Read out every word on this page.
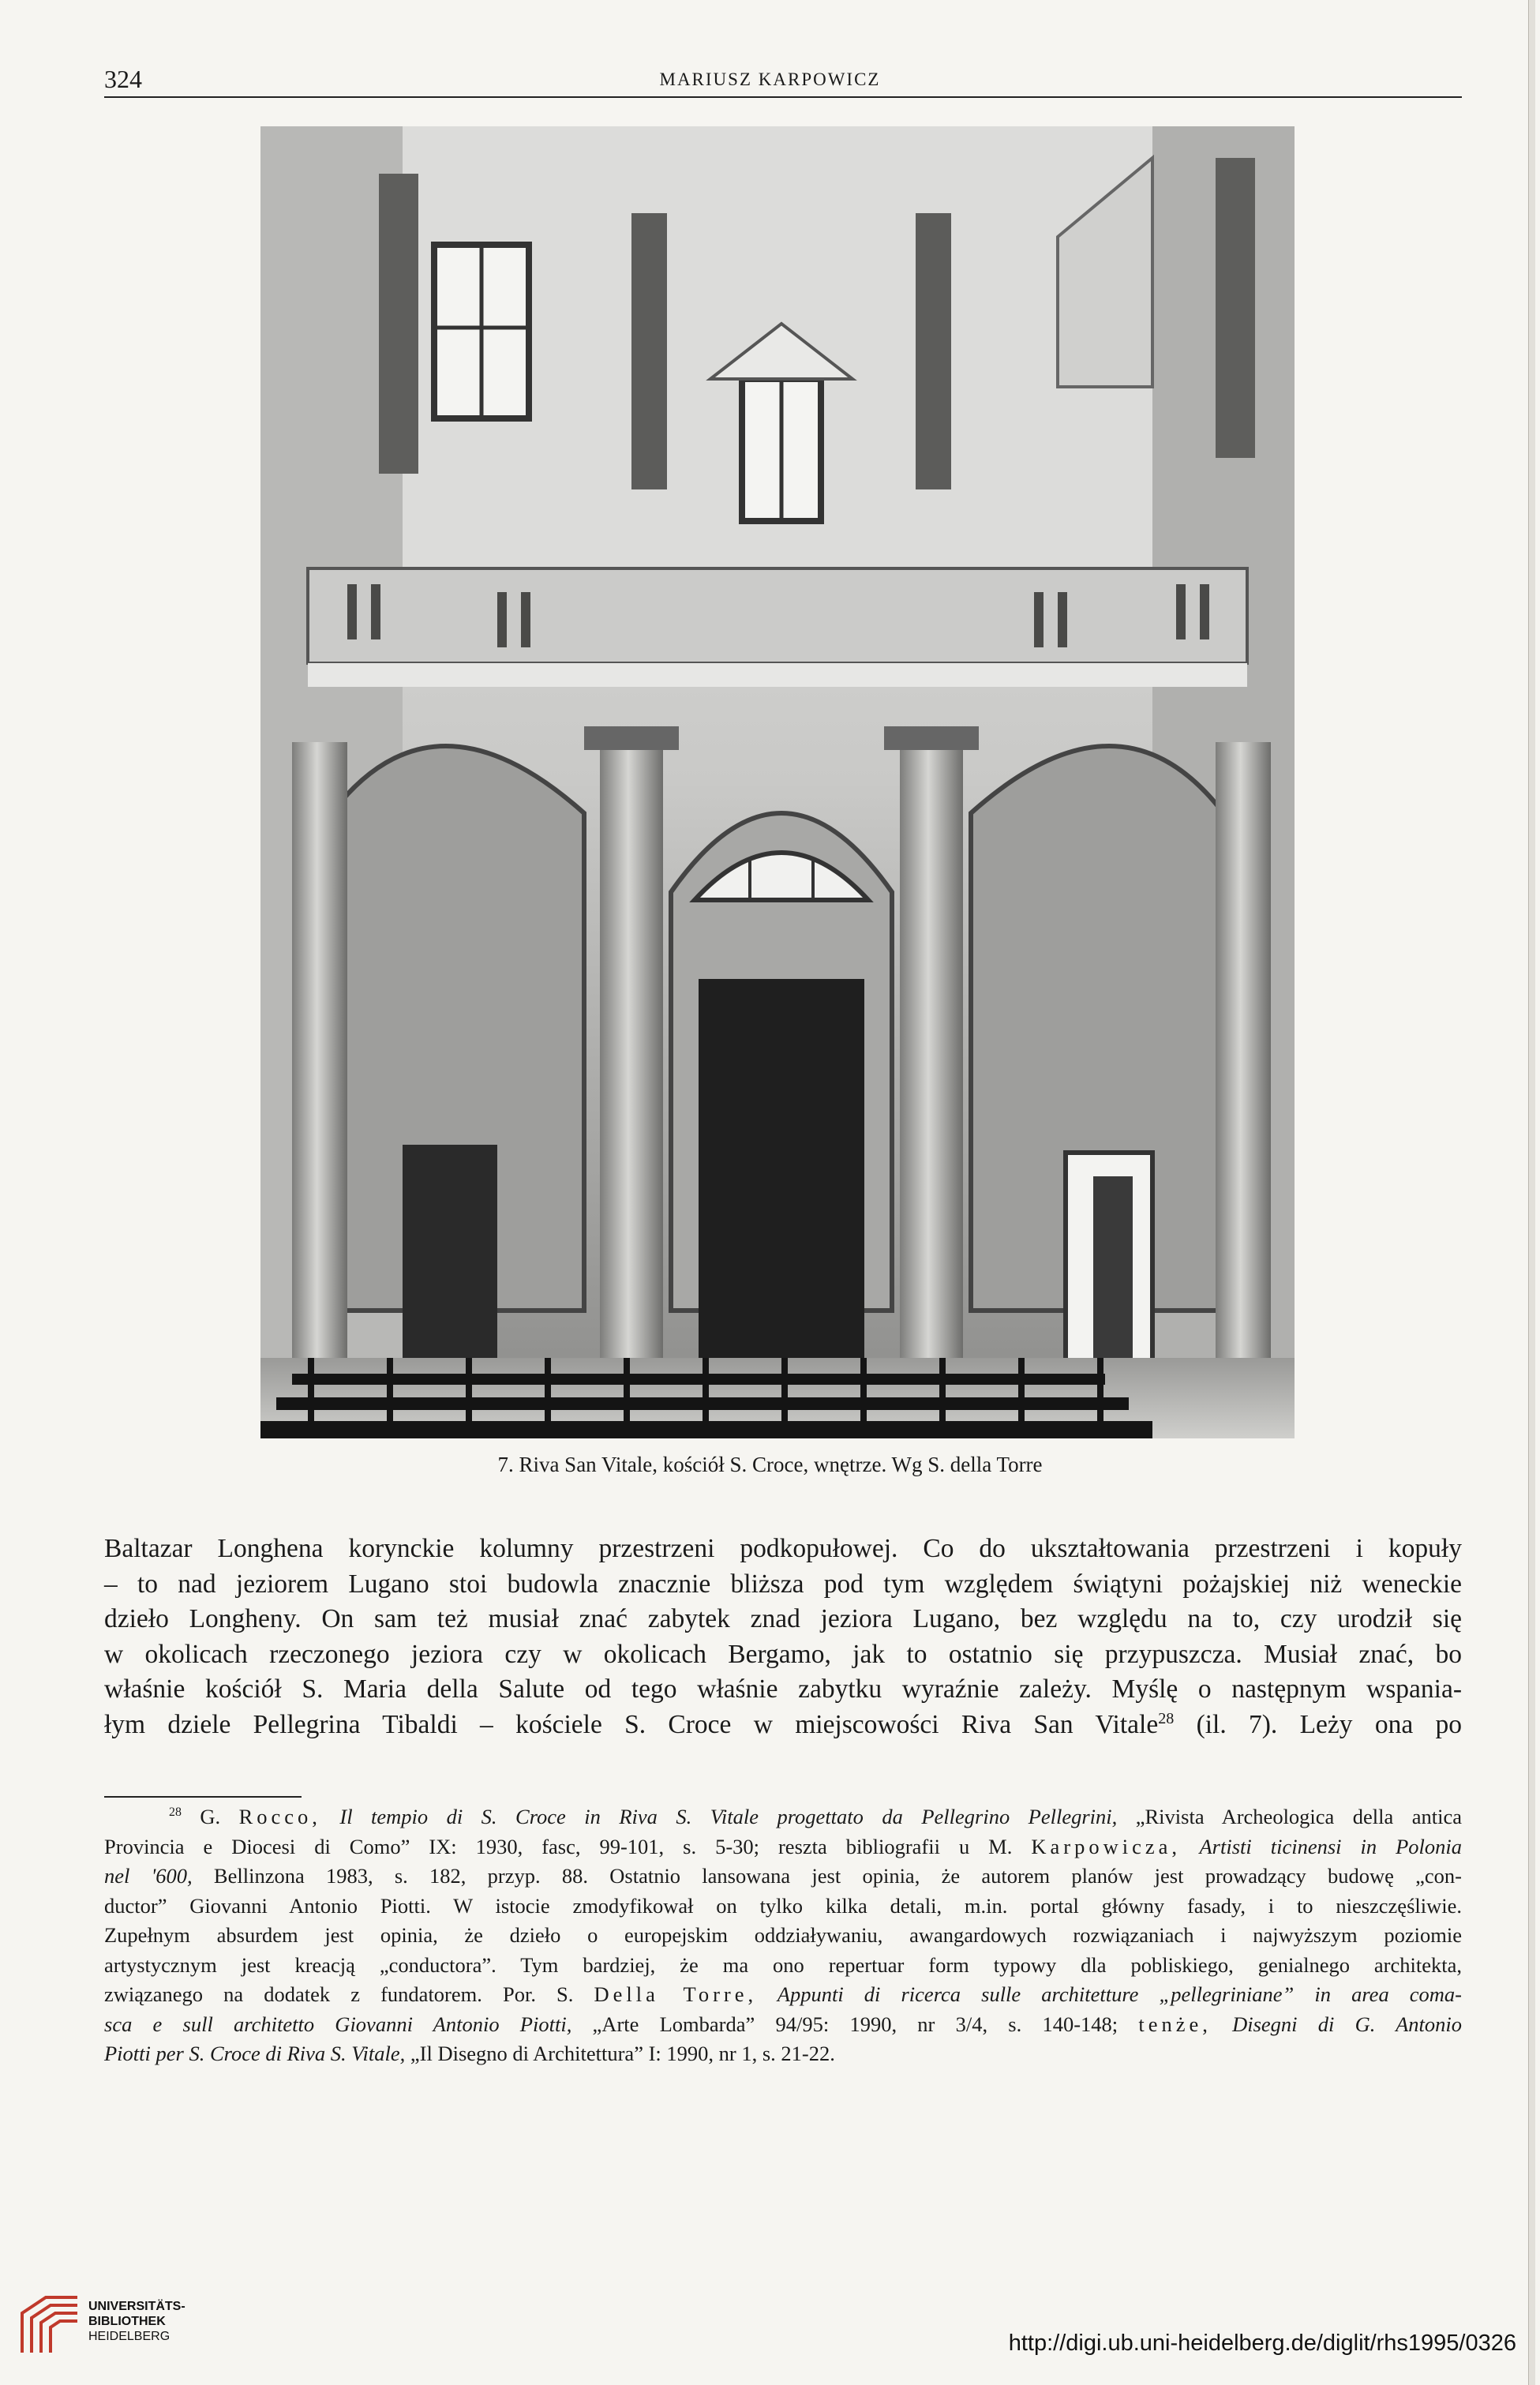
324	MARIUSZ KARPOWICZ
7. Riva San Vitale, kościół S. Croce, wnętrze. Wg S. della Torre
Baltazar Longhena korynckie kolumny przestrzeni podkopułowej. Co do ukształtowania przestrzeni i kopuły
– to nad jeziorem Lugano stoi budowla znacznie bliższa pod tym względem świątyni pożajskiej niż weneckie
dzieło Longheny. On sam też musiał znać zabytek znad jeziora Lugano, bez względu na to, czy urodził się
w okolicach rzeczonego jeziora czy w okolicach Bergamo, jak to ostatnio się przypuszcza. Musiał znać, bo
właśnie kościół S. Maria della Salute od tego właśnie zabytku wyraźnie zależy. Myślę o następnym wspania-
łym dziele Pellegrina Tibaldi – kościele S. Croce w miejscowości Riva San Vitale$^{28}$ (il. 7). Leży ona po
$^{28}$ G. Rocco, Il tempio di S. Croce in Riva S. Vitale progettato da Pellegrino Pellegrini, „Rivista Archeologica della antica
Provincia e Diocesi di Como” IX: 1930, fasc, 99-101, s. 5-30; reszta bibliografii u M. Karpowicza, Artisti ticinensi in Polonia
nel '600, Bellinzona 1983, s. 182, przyp. 88. Ostatnio lansowana jest opinia, że autorem planów jest prowadzący budowę „con-
ductor” Giovanni Antonio Piotti. W istocie zmodyfikował on tylko kilka detali, m.in. portal główny fasady, i to nieszczęśliwie.
Zupełnym absurdem jest opinia, że dzieło o europejskim oddziaływaniu, awangardowych rozwiązaniach i najwyższym poziomie
artystycznym jest kreacją „conductora”. Tym bardziej, że ma ono repertuar form typowy dla pobliskiego, genialnego architekta,
związanego na dodatek z fundatorem. Por. S. Della Torre, Appunti di ricerca sulle architetture „pellegriniane” in area coma-
sca e sull architetto Giovanni Antonio Piotti, „Arte Lombarda” 94/95: 1990, nr 3/4, s. 140-148; tenże, Disegni di G. Antonio
Piotti per S. Croce di Riva S. Vitale, „Il Disegno di Architettura” I: 1990, nr 1, s. 21-22.
UNIVERSITÄTS-
BIBLIOTHEK
HEIDELBERG	http://digi.ub.uni-heidelberg.de/diglit/rhs1995/0326
